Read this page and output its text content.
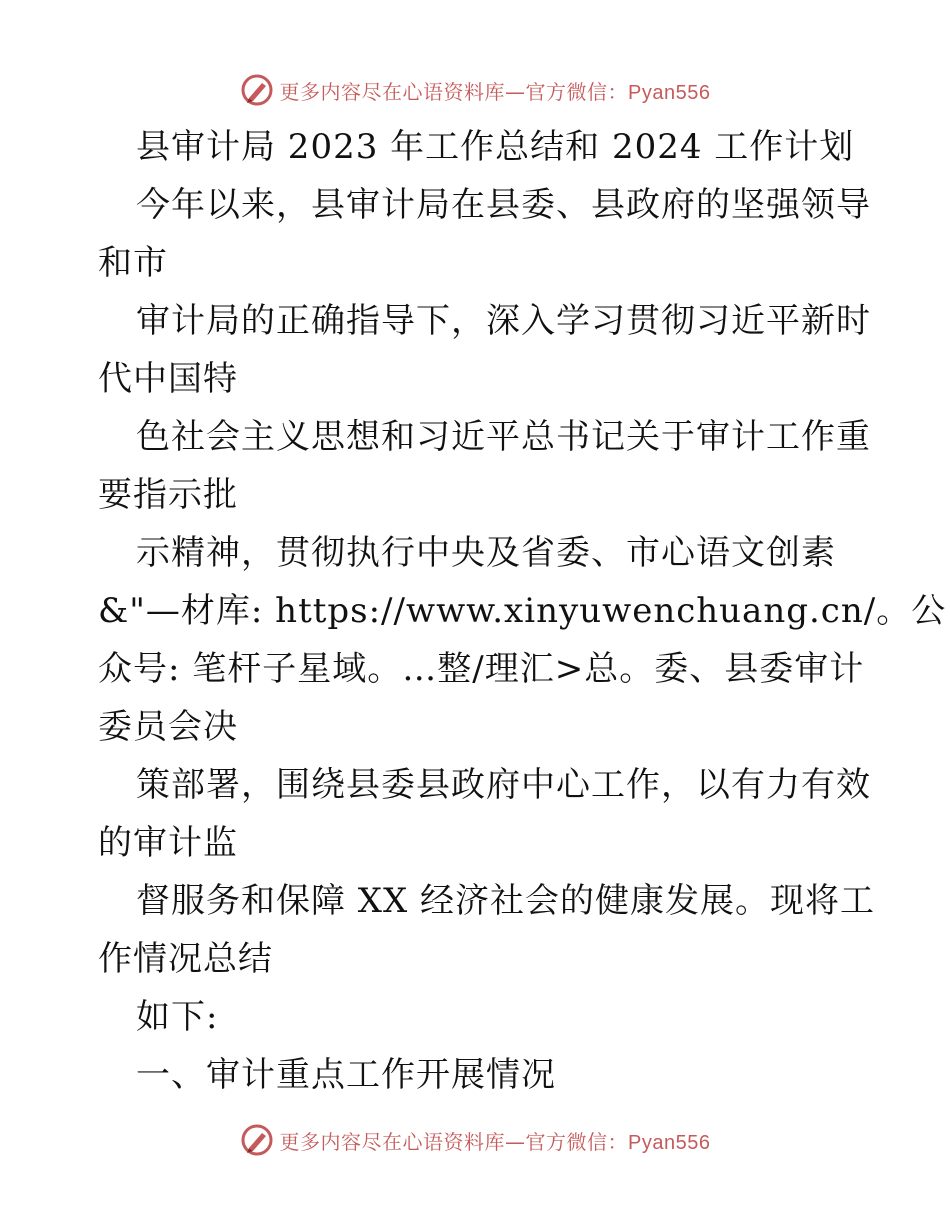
更多内容尽在心语资料库—官方微信：Pyan556
县审计局 2023 年工作总结和 2024 工作计划
今年以来，县审计局在县委、县政府的坚强领导
和市
审计局的正确指导下，深入学习贯彻习近平新时
代中国特
色社会主义思想和习近平总书记关于审计工作重
要指示批
示精神，贯彻执行中央及省委、市心语文创素
&"—材库: https://www.xinyuwenchuang.cn/。公
众号: 笔杆子星域。…整/理汇>总。委、县委审计
委员会决
策部署，围绕县委县政府中心工作，以有力有效
的审计监
督服务和保障 XX 经济社会的健康发展。现将工
作情况总结
如下:
一、审计重点工作开展情况
更多内容尽在心语资料库—官方微信：Pyan556
